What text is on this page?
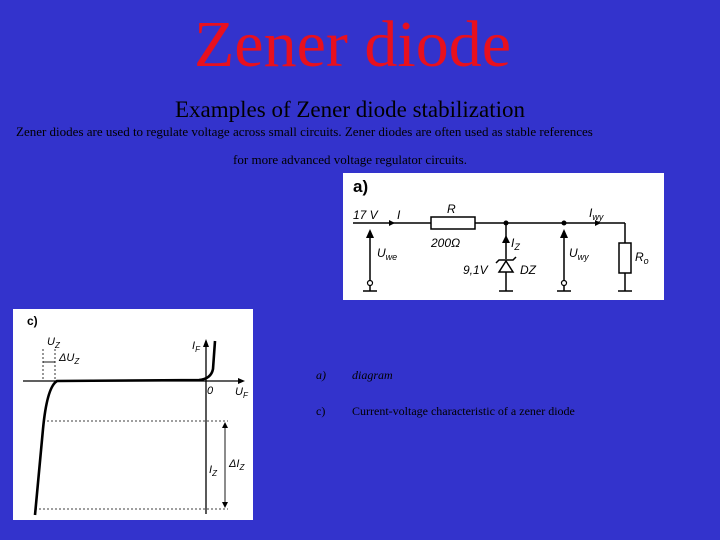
Zener diode
Examples of Zener diode stabilization
Zener diodes are used to regulate voltage across small circuits. Zener diodes are often used as stable references
for more advanced voltage regulator circuits.
a)
17 V I	R	$I_{wy}$
$U_{we}$
$I_Z$
9,1V	DZ
200Ω
$U_{wy}$	$R_o$
c)
$U_Z$
$\Delta U_Z$
$I_F$
0 $U_F$
$I_Z$
$\Delta I_Z$
a) diagram
c) Current-voltage characteristic of a zener diode
